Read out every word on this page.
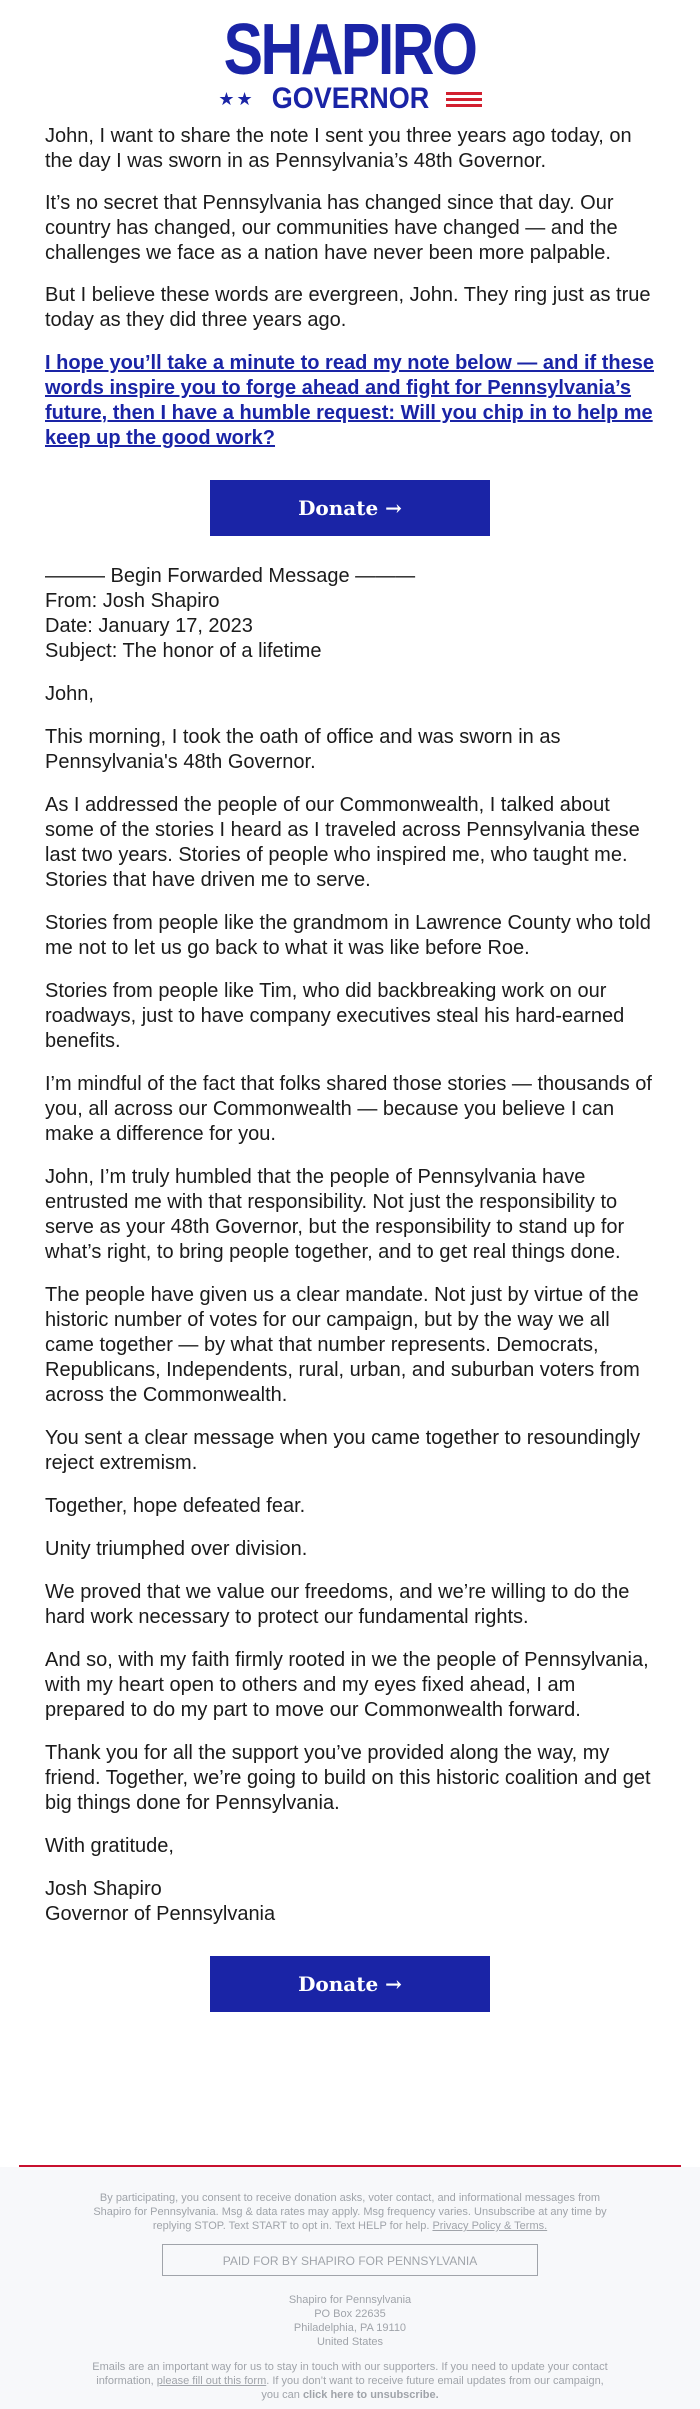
SHAPIRO
★★ GOVERNOR

John, I want to share the note I sent you three years ago today, on the day I was sworn in as Pennsylvania’s 48th Governor.

It’s no secret that Pennsylvania has changed since that day. Our country has changed, our communities have changed — and the challenges we face as a nation have never been more palpable.

But I believe these words are evergreen, John. They ring just as true today as they did three years ago.

I hope you’ll take a minute to read my note below — and if these words inspire you to forge ahead and fight for Pennsylvania’s future, then I have a humble request: Will you chip in to help me keep up the good work?
Donate →
——— Begin Forwarded Message ———
From: Josh Shapiro
Date: January 17, 2023
Subject: The honor of a lifetime

John,

This morning, I took the oath of office and was sworn in as Pennsylvania's 48th Governor.

As I addressed the people of our Commonwealth, I talked about some of the stories I heard as I traveled across Pennsylvania these last two years. Stories of people who inspired me, who taught me. Stories that have driven me to serve.

Stories from people like the grandmom in Lawrence County who told me not to let us go back to what it was like before Roe.

Stories from people like Tim, who did backbreaking work on our roadways, just to have company executives steal his hard-earned benefits.

I’m mindful of the fact that folks shared those stories — thousands of you, all across our Commonwealth — because you believe I can make a difference for you.

John, I’m truly humbled that the people of Pennsylvania have entrusted me with that responsibility. Not just the responsibility to serve as your 48th Governor, but the responsibility to stand up for what’s right, to bring people together, and to get real things done.

The people have given us a clear mandate. Not just by virtue of the historic number of votes for our campaign, but by the way we all came together — by what that number represents. Democrats, Republicans, Independents, rural, urban, and suburban voters from across the Commonwealth.

You sent a clear message when you came together to resoundingly reject extremism.

Together, hope defeated fear.

Unity triumphed over division.

We proved that we value our freedoms, and we’re willing to do the hard work necessary to protect our fundamental rights.

And so, with my faith firmly rooted in we the people of Pennsylvania, with my heart open to others and my eyes fixed ahead, I am prepared to do my part to move our Commonwealth forward.

Thank you for all the support you’ve provided along the way, my friend. Together, we’re going to build on this historic coalition and get big things done for Pennsylvania.

With gratitude,

Josh Shapiro

Governor of Pennsylvania

Donate →
By participating, you consent to receive donation asks, voter contact, and informational messages from Shapiro for Pennsylvania. Msg & data rates may apply. Msg frequency varies. Unsubscribe at any time by replying STOP. Text START to opt in. Text HELP for help. Privacy Policy & Terms.
PAID FOR BY SHAPIRO FOR PENNSYLVANIA
Shapiro for Pennsylvania
PO Box 22635
Philadelphia, PA 19110
United States
Emails are an important way for us to stay in touch with our supporters. If you need to update your contact information, please fill out this form. If you don’t want to receive future email updates from our campaign, you can click here to unsubscribe.
